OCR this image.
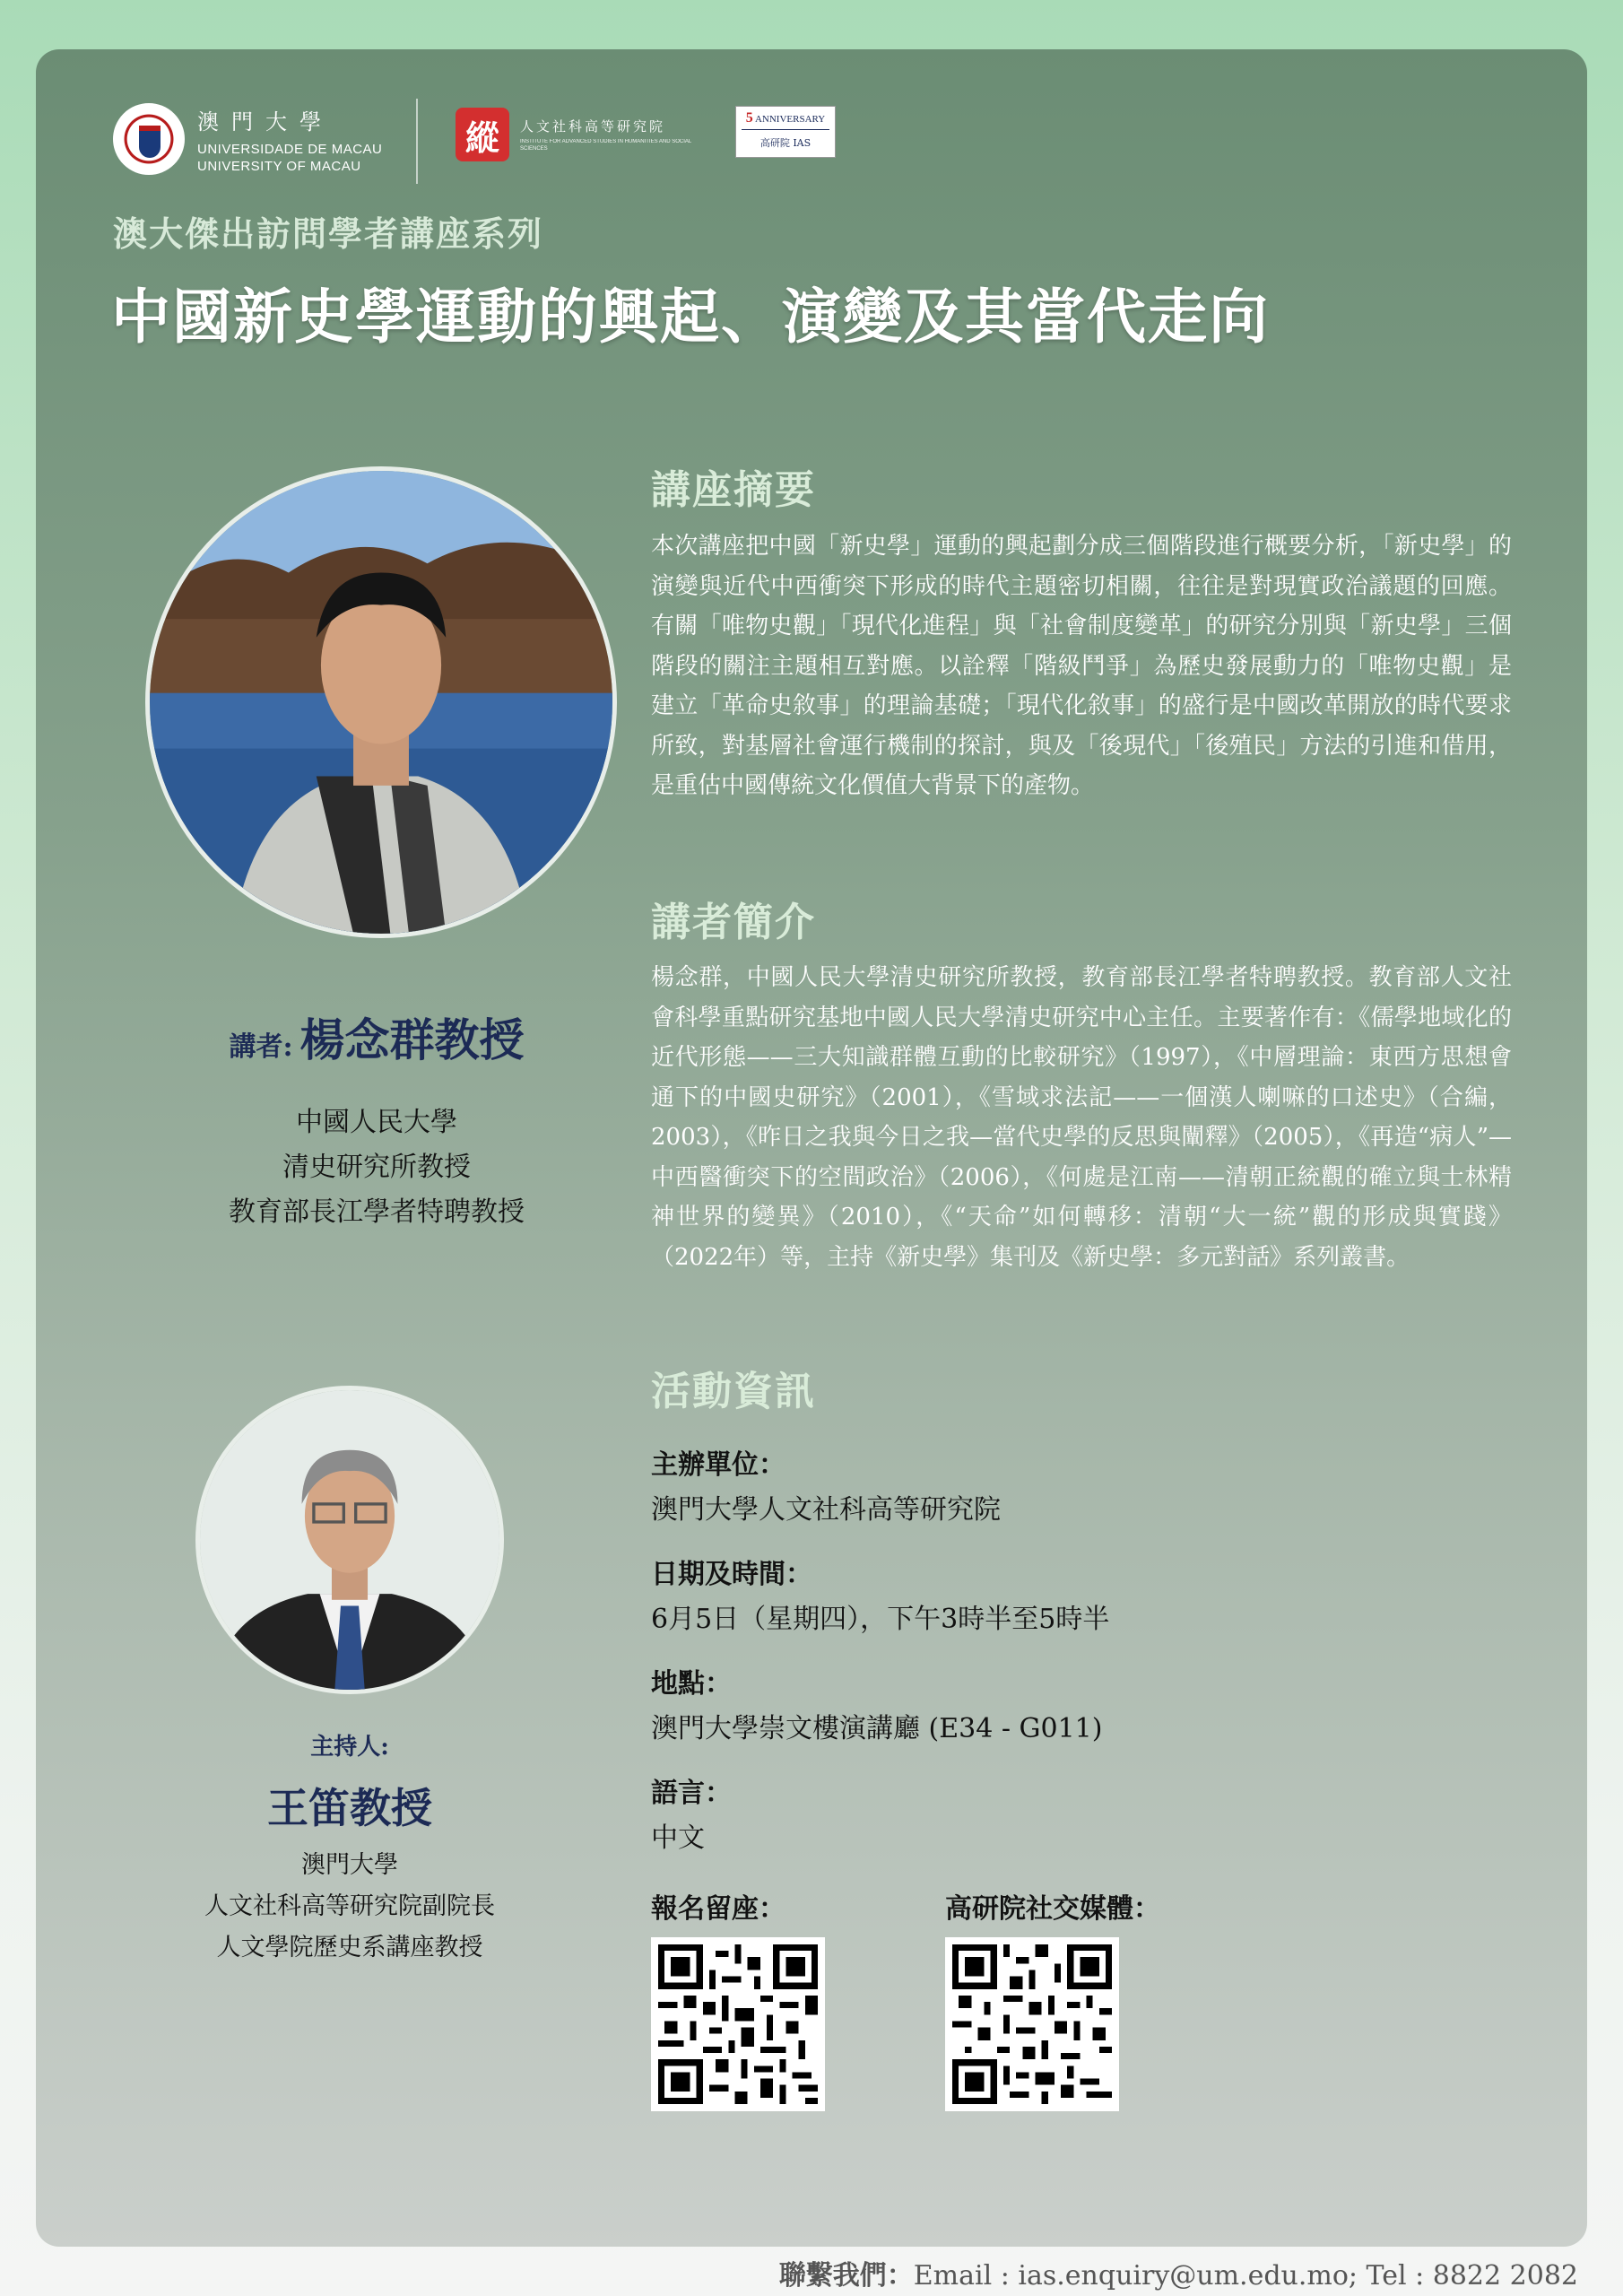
澳門大學
UNIVERSIDADE DE MACAU
UNIVERSITY OF MACAU
縱	人文社科高等研究院
INSTITUTE FOR ADVANCED STUDIES IN HUMANITIES AND SOCIAL SCIENCES
5 ANNIVERSARY
高研院 IAS
澳大傑出訪問學者講座系列
中國新史學運動的興起、演變及其當代走向
講者: 楊念群教授
中國人民大學
清史研究所教授
教育部長江學者特聘教授
主持人:
王笛教授
澳門大學
人文社科高等研究院副院長
人文學院歷史系講座教授
講座摘要
本次講座把中國「新史學」運動的興起劃分成三個階段進行概要分析，「新史學」的演變與近代中西衝突下形成的時代主題密切相關，往往是對現實政治議題的回應。有關「唯物史觀」「現代化進程」與「社會制度變革」的研究分別與「新史學」三個階段的關注主題相互對應。以詮釋「階級鬥爭」為歷史發展動力的「唯物史觀」是建立「革命史敘事」的理論基礎；「現代化敘事」的盛行是中國改革開放的時代要求所致，對基層社會運行機制的探討，與及「後現代」「後殖民」方法的引進和借用，是重估中國傳統文化價值大背景下的產物。
講者簡介
楊念群，中國人民大學清史研究所教授，教育部長江學者特聘教授。教育部人文社會科學重點研究基地中國人民大學清史研究中心主任。主要著作有：《儒學地域化的近代形態——三大知識群體互動的比較研究》（1997），《中層理論：東西方思想會通下的中國史研究》（2001），《雪域求法記——一個漢人喇嘛的口述史》（合編，2003），《昨日之我與今日之我—當代史學的反思與闡釋》（2005），《再造“病人”—中西醫衝突下的空間政治》（2006），《何處是江南——清朝正統觀的確立與士林精神世界的變異》（2010），《“天命”如何轉移：清朝“大一統”觀的形成與實踐》（2022年）等，主持《新史學》集刊及《新史學：多元對話》系列叢書。
活動資訊
主辦單位：
澳門大學人文社科高等研究院
日期及時間：
6月5日（星期四），下午3時半至5時半
地點：
澳門大學崇文樓演講廳 (E34 - G011)
語言：
中文
報名留座：	高研院社交媒體：
聯繫我們：Email : ias.enquiry@um.edu.mo; Tel : 8822 2082
